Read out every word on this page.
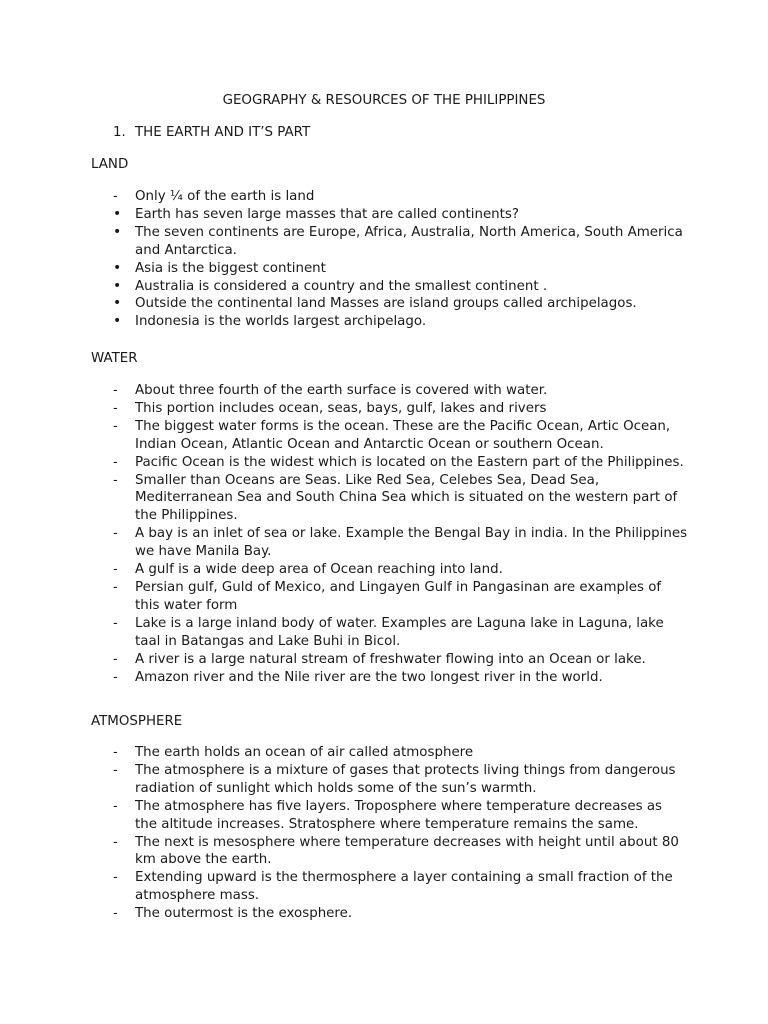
GEOGRAPHY & RESOURCES OF THE PHILIPPINES
1. THE EARTH AND IT’S PART
LAND
-	Only ¼ of the earth is land
•	Earth has seven large masses that are called continents?
•	The seven continents are Europe, Africa, Australia, North America, South America and Antarctica.
•	Asia is the biggest continent
•	Australia is considered a country and the smallest continent .
•	Outside the continental land Masses are island groups called archipelagos.
•	Indonesia is the worlds largest archipelago.
WATER
-	About three fourth of the earth surface is covered with water.
-	This portion includes ocean, seas, bays, gulf, lakes and rivers
-	The biggest water forms is the ocean. These are the Pacific Ocean, Artic Ocean, Indian Ocean, Atlantic Ocean and Antarctic Ocean or southern Ocean.
-	Pacific Ocean is the widest which is located on the Eastern part of the Philippines.
-	Smaller than Oceans are Seas. Like Red Sea, Celebes Sea, Dead Sea, Mediterranean Sea and South China Sea which is situated on the western part of the Philippines.
-	A bay is an inlet of sea or lake. Example the Bengal Bay in india. In the Philippines we have Manila Bay.
-	A gulf is a wide deep area of Ocean reaching into land.
-	Persian gulf, Guld of Mexico, and Lingayen Gulf in Pangasinan are examples of this water form
-	Lake is a large inland body of water. Examples are Laguna lake in Laguna, lake taal in Batangas and Lake Buhi in Bicol.
-	A river is a large natural stream of freshwater flowing into an Ocean or lake.
-	Amazon river and the Nile river are the two longest river in the world.
ATMOSPHERE
-	The earth holds an ocean of air called atmosphere
-	The atmosphere is a mixture of gases that protects living things from dangerous radiation of sunlight which holds some of the sun’s warmth.
-	The atmosphere has five layers. Troposphere where temperature decreases as the altitude increases. Stratosphere where temperature remains the same.
-	The next is mesosphere where temperature decreases with height until about 80 km above the earth.
-	Extending upward is the thermosphere a layer containing a small fraction of the atmosphere mass.
-	The outermost is the exosphere.
